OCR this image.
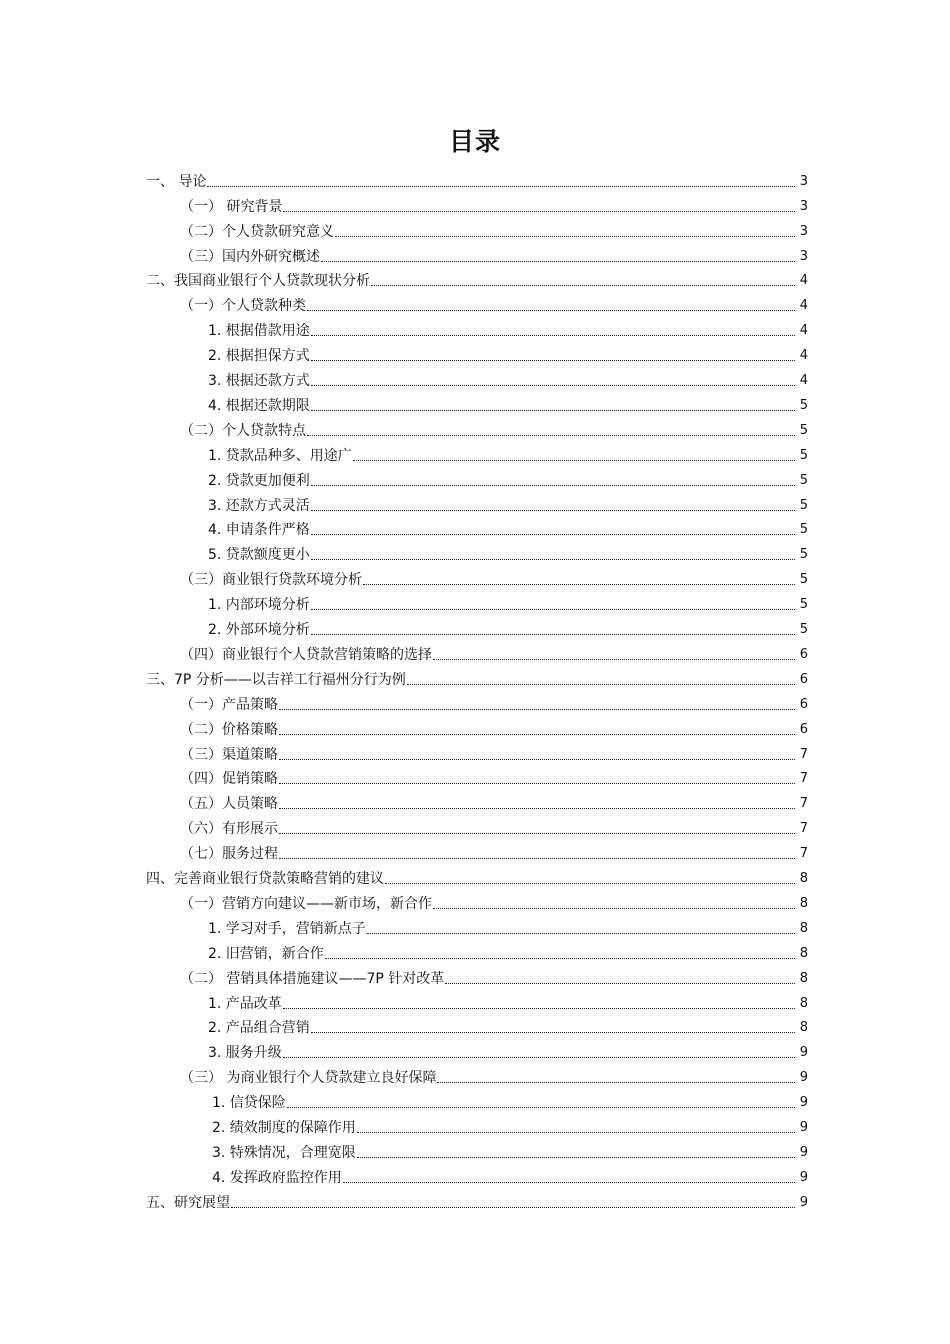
目录
一、 导论	3
（一） 研究背景	3
（二）个人贷款研究意义	3
（三）国内外研究概述	3
二、我国商业银行个人贷款现状分析	4
（一）个人贷款种类	4
1. 根据借款用途	4
2. 根据担保方式	4
3. 根据还款方式	4
4. 根据还款期限	5
（二）个人贷款特点	5
1. 贷款品种多、用途广	5
2. 贷款更加便利	5
3. 还款方式灵活	5
4. 申请条件严格	5
5. 贷款额度更小	5
（三）商业银行贷款环境分析	5
1. 内部环境分析	5
2. 外部环境分析	5
（四）商业银行个人贷款营销策略的选择	6
三、7P 分析——以吉祥工行福州分行为例	6
（一）产品策略	6
（二）价格策略	6
（三）渠道策略	7
（四）促销策略	7
（五）人员策略	7
（六）有形展示	7
（七）服务过程	7
四、完善商业银行贷款策略营销的建议	8
（一）营销方向建议——新市场，新合作	8
1. 学习对手，营销新点子	8
2. 旧营销，新合作	8
（二） 营销具体措施建议——7P 针对改革	8
1. 产品改革	8
2. 产品组合营销	8
3. 服务升级	9
（三） 为商业银行个人贷款建立良好保障	9
1. 信贷保险	9
2. 绩效制度的保障作用	9
3. 特殊情况，合理宽限	9
4. 发挥政府监控作用	9
五、研究展望	9
